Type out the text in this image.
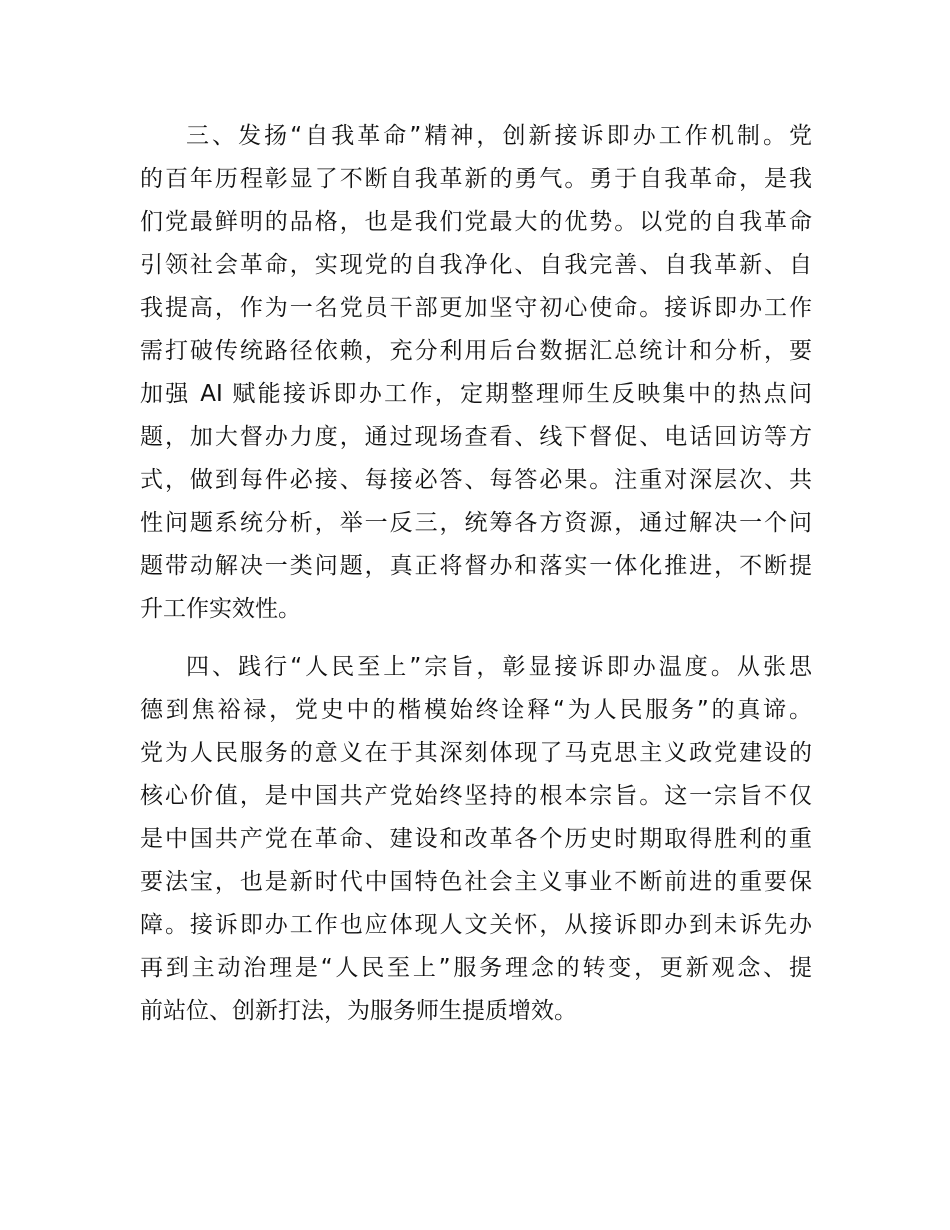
三、发扬“自我革命”精神，创新接诉即办工作机制。党
的百年历程彰显了不断自我革新的勇气。勇于自我革命，是我
们党最鲜明的品格，也是我们党最大的优势。以党的自我革命
引领社会革命，实现党的自我净化、自我完善、自我革新、自
我提高，作为一名党员干部更加坚守初心使命。接诉即办工作
需打破传统路径依赖，充分利用后台数据汇总统计和分析，要
加强 AI 赋能接诉即办工作，定期整理师生反映集中的热点问
题，加大督办力度，通过现场查看、线下督促、电话回访等方
式，做到每件必接、每接必答、每答必果。注重对深层次、共
性问题系统分析，举一反三，统筹各方资源，通过解决一个问
题带动解决一类问题，真正将督办和落实一体化推进，不断提
升工作实效性。
四、践行“人民至上”宗旨，彰显接诉即办温度。从张思
德到焦裕禄，党史中的楷模始终诠释“为人民服务”的真谛。
党为人民服务的意义在于其深刻体现了马克思主义政党建设的
核心价值，是中国共产党始终坚持的根本宗旨。这一宗旨不仅
是中国共产党在革命、建设和改革各个历史时期取得胜利的重
要法宝，也是新时代中国特色社会主义事业不断前进的重要保
障。接诉即办工作也应体现人文关怀，从接诉即办到未诉先办
再到主动治理是“人民至上”服务理念的转变，更新观念、提
前站位、创新打法，为服务师生提质增效。
